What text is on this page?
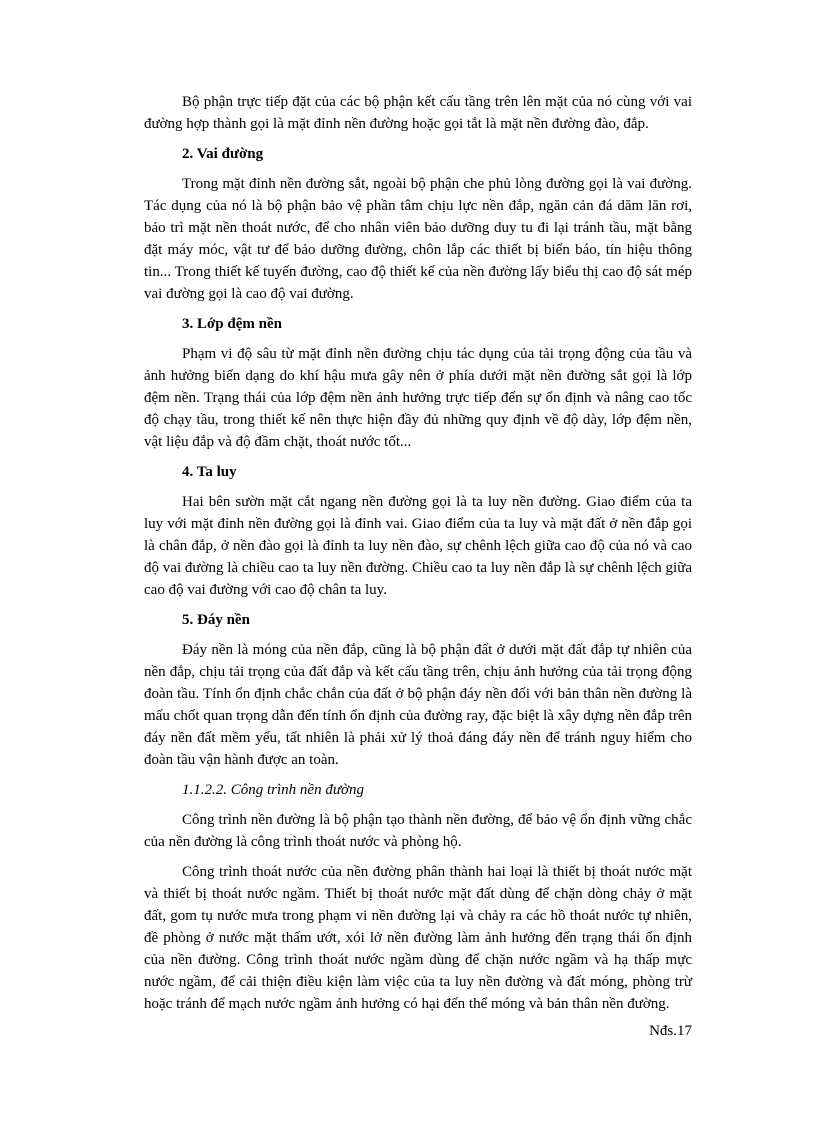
Bộ phận trực tiếp đặt của các bộ phận kết cấu tầng trên lên mặt của nó cùng với vai đường hợp thành gọi là mặt đỉnh nền đường hoặc gọi tắt là mặt nền đường đào, đắp.

2. Vai đường

Trong mặt đỉnh nền đường sắt, ngoài bộ phận che phủ lòng đường gọi là vai đường. Tác dụng của nó là bộ phận bảo vệ phần tâm chịu lực nền đắp, ngăn cản đá dăm lăn rơi, bảo trì mặt nền thoát nước, để cho nhân viên bảo dưỡng duy tu đi lại tránh tầu, mặt bằng đặt máy móc, vật tư để bảo dưỡng đường, chôn lắp các thiết bị biển báo, tín hiệu thông tin... Trong thiết kế tuyến đường, cao độ thiết kế của nền đường lấy biểu thị cao độ sát mép vai đường gọi là cao độ vai đường.

3. Lớp đệm nền

Phạm vi độ sâu từ mặt đỉnh nền đường chịu tác dụng của tải trọng động của tầu và ảnh hưởng biến dạng do khí hậu mưa gây nên ở phía dưới mặt nền đường sắt gọi là lớp đệm nền. Trạng thái của lớp đệm nền ảnh hưởng trực tiếp đến sự ổn định và nâng cao tốc độ chạy tầu, trong thiết kế nên thực hiện đầy đủ những quy định về độ dày, lớp đệm nền, vật liệu đắp và độ đầm chặt, thoát nước tốt...

4. Ta luy

Hai bên sườn mặt cắt ngang nền đường gọi là ta luy nền đường. Giao điểm của ta luy với mặt đỉnh nền đường gọi là đỉnh vai. Giao điểm của ta luy và mặt đất ở nền đắp gọi là chân đắp, ở nền đào gọi là đỉnh ta luy nền đào, sự chênh lệch giữa cao độ của nó và cao độ vai đường là chiều cao ta luy nền đường. Chiều cao ta luy nền đắp là sự chênh lệch giữa cao độ vai đường với cao độ chân ta luy.

5. Đáy nền

Đáy nền là móng của nền đắp, cũng là bộ phận đất ở dưới mặt đất đắp tự nhiên của nền đắp, chịu tải trọng của đất đắp và kết cấu tầng trên, chịu ảnh hưởng của tải trọng động đoàn tầu. Tính ổn định chắc chắn của đất ở bộ phận đáy nền đối với bản thân nền đường là mấu chốt quan trọng dẫn đến tính ổn định của đường ray, đặc biệt là xây dựng nền đắp trên đáy nền đất mềm yếu, tất nhiên là phải xử lý thoả đáng đáy nền để tránh nguy hiểm cho đoàn tầu vận hành được an toàn.

1.1.2.2. Công trình nền đường

Công trình nền đường là bộ phận tạo thành nền đường, để bảo vệ ổn định vững chắc của nền đường là công trình thoát nước và phòng hộ.

Công trình thoát nước của nền đường phân thành hai loại là thiết bị thoát nước mặt và thiết bị thoát nước ngầm. Thiết bị thoát nước mặt đất dùng để chặn dòng chảy ở mặt đất, gom tụ nước mưa trong phạm vi nền đường lại và chảy ra các hồ thoát nước tự nhiên, đề phòng ở nước mặt thấm ướt, xói lở nền đường làm ảnh hưởng đến trạng thái ổn định của nền đường. Công trình thoát nước ngầm dùng để chặn nước ngầm và hạ thấp mực nước ngầm, để cải thiện điều kiện làm việc của ta luy nền đường và đất móng, phòng trừ hoặc tránh để mạch nước ngầm ảnh hưởng có hại đến thể móng và bản thân nền đường.

Nđs.17
